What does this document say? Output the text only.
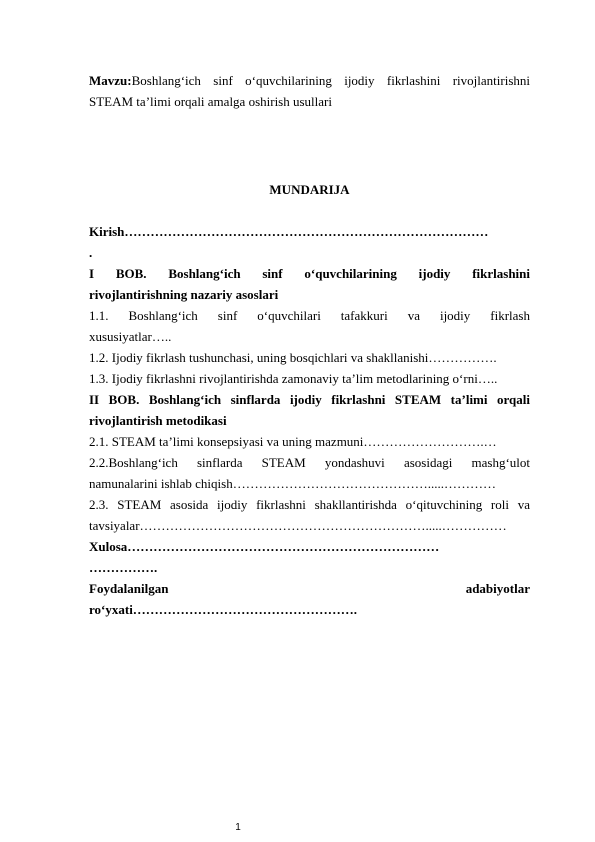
Mavzu:Boshlang‘ich sinf o‘quvchilarining ijodiy fikrlashini rivojlantirishni

STEAM ta’limi orqali amalga oshirish usullari

MUNDARIJA

Kirish…………………………………………………………………………

.

I BOB. Boshlang‘ich sinf o‘quvchilarining ijodiy fikrlashini

rivojlantirishning nazariy asoslari

1.1. Boshlang‘ich sinf o‘quvchilari tafakkuri va ijodiy fikrlash

xususiyatlar…..

1.2. Ijodiy fikrlash tushunchasi, uning bosqichlari va shakllanishi…………….

1.3. Ijodiy fikrlashni rivojlantirishda zamonaviy ta’lim metodlarining o‘rni…..

II BOB. Boshlang‘ich sinflarda ijodiy fikrlashni STEAM ta’limi orqali

rivojlantirish metodikasi

2.1. STEAM ta’limi konsepsiyasi va uning mazmuni……………………….…

2.2.Boshlang‘ich sinflarda STEAM yondashuvi asosidagi mashg‘ulot

namunalarini ishlab chiqish……………………………………….....…………

2.3. STEAM asosida ijodiy fikrlashni shakllantirishda o‘qituvchining roli va

tavsiyalar………………………………………………………….....……………

Xulosa………………………………………………………………

…………….

Foydalanilgan	adabiyotlar

ro‘yxati…………………………………………….

1
